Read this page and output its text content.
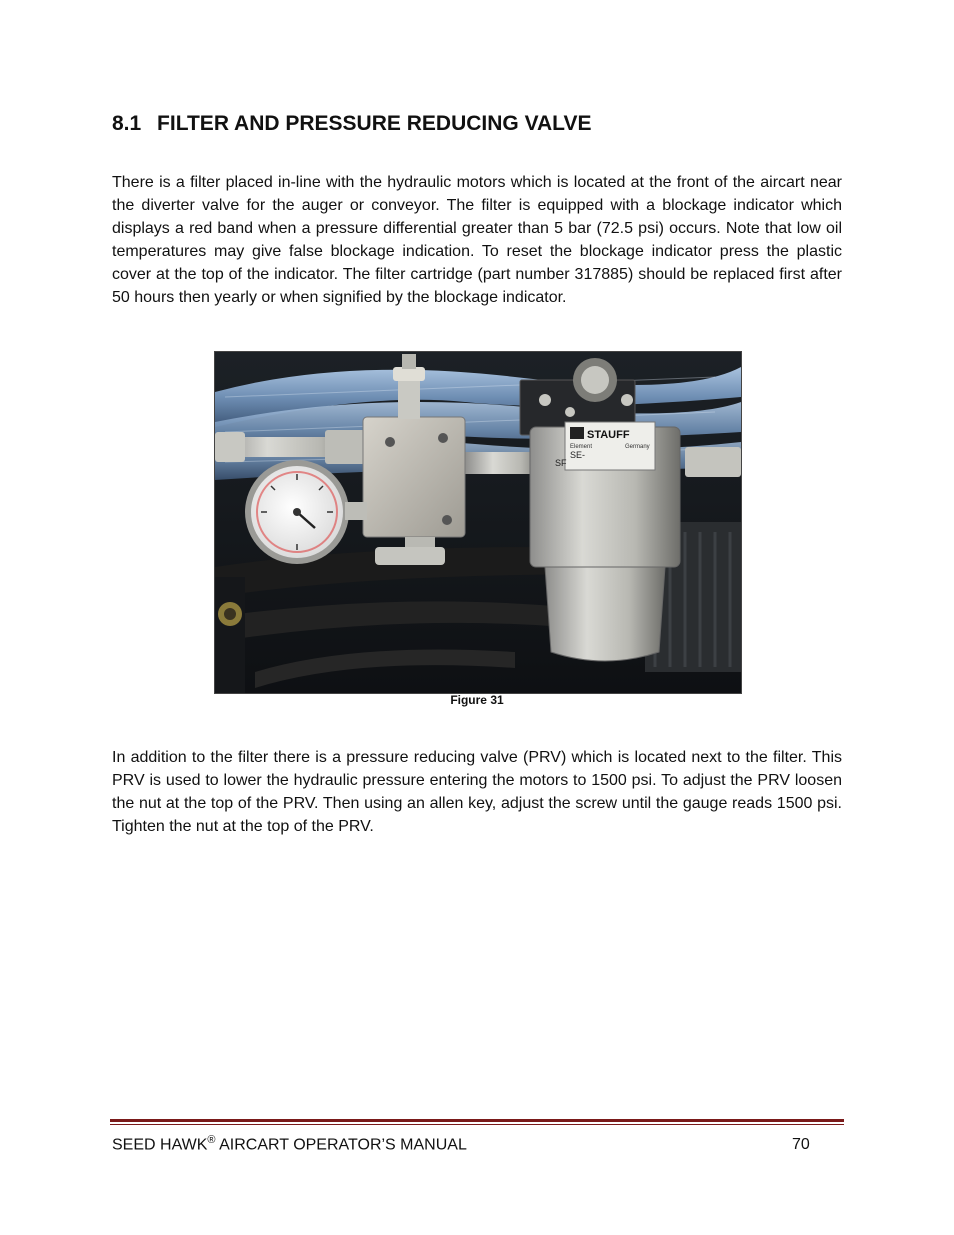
8.1 FILTER AND PRESSURE REDUCING VALVE

There is a filter placed in-line with the hydraulic motors which is located at the front of the aircart near the diverter valve for the auger or conveyor. The filter is equipped with a blockage indicator which displays a red band when a pressure differential greater than 5 bar (72.5 psi) occurs. Note that low oil temperatures may give false blockage indication. To reset the blockage indicator press the plastic cover at the top of the indicator. The filter cartridge (part number 317885) should be replaced first after 50 hours then yearly or when signified by the blockage indicator.

STAUFF
Germany
Element
SE-
SF
Figure 31

In addition to the filter there is a pressure reducing valve (PRV) which is located next to the filter. This PRV is used to lower the hydraulic pressure entering the motors to 1500 psi. To adjust the PRV loosen the nut at the top of the PRV. Then using an allen key, adjust the screw until the gauge reads 1500 psi. Tighten the nut at the top of the PRV.

SEED HAWK® AIRCART OPERATOR’S MANUAL	70
